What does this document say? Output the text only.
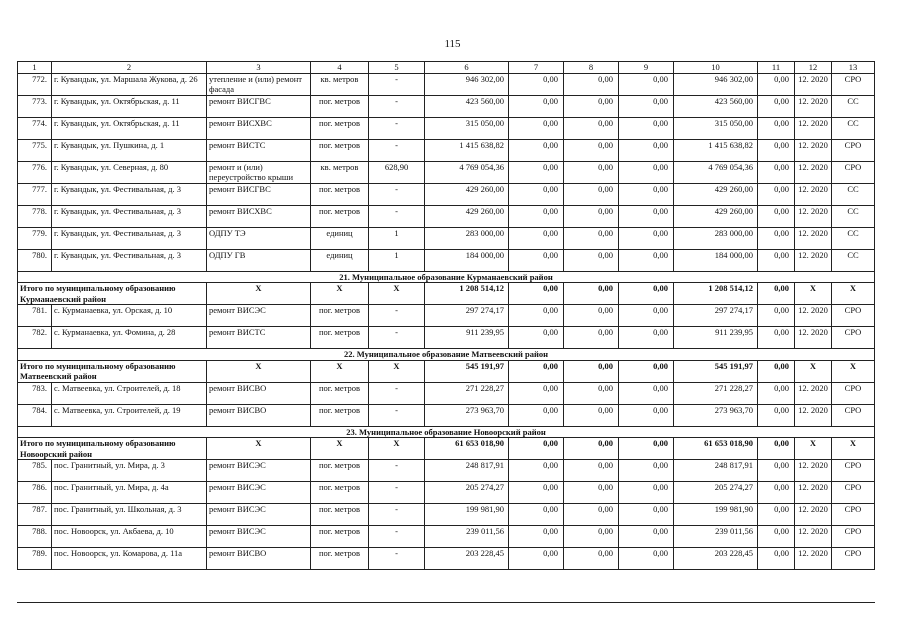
115
1	2	3	4	5	6	7	8	9	10	11	12	13
772.	г. Кувандык, ул. Маршала Жукова, д. 26	утепление и (или) ремонт фасада	кв. метров	-	946 302,00	0,00	0,00	0,00	946 302,00	0,00	12. 2020	СРО
773.	г. Кувандык, ул. Октябрьская, д. 11	ремонт ВИСГВС	пог. метров	-	423 560,00	0,00	0,00	0,00	423 560,00	0,00	12. 2020	СС
774.	г. Кувандык, ул. Октябрьская, д. 11	ремонт ВИСХВС	пог. метров	-	315 050,00	0,00	0,00	0,00	315 050,00	0,00	12. 2020	СС
775.	г. Кувандык, ул. Пушкина, д. 1	ремонт ВИСТС	пог. метров	-	1 415 638,82	0,00	0,00	0,00	1 415 638,82	0,00	12. 2020	СРО
776.	г. Кувандык, ул. Северная, д. 80	ремонт и (или) переустройство крыши	кв. метров	628,90	4 769 054,36	0,00	0,00	0,00	4 769 054,36	0,00	12. 2020	СРО
777.	г. Кувандык, ул. Фестивальная, д. 3	ремонт ВИСГВС	пог. метров	-	429 260,00	0,00	0,00	0,00	429 260,00	0,00	12. 2020	СС
778.	г. Кувандык, ул. Фестивальная, д. 3	ремонт ВИСХВС	пог. метров	-	429 260,00	0,00	0,00	0,00	429 260,00	0,00	12. 2020	СС
779.	г. Кувандык, ул. Фестивальная, д. 3	ОДПУ ТЭ	единиц	1	283 000,00	0,00	0,00	0,00	283 000,00	0,00	12. 2020	СС
780.	г. Кувандык, ул. Фестивальная, д. 3	ОДПУ ГВ	единиц	1	184 000,00	0,00	0,00	0,00	184 000,00	0,00	12. 2020	СС
21. Муниципальное образование Курманаевский район												
Итого по муниципальному образованию Курманаевский район		X	X	X	1 208 514,12	0,00	0,00	0,00	1 208 514,12	0,00	X	X
781.	с. Курманаевка, ул. Орская, д. 10	ремонт ВИСЭС	пог. метров	-	297 274,17	0,00	0,00	0,00	297 274,17	0,00	12. 2020	СРО
782.	с. Курманаевка, ул. Фомина, д. 28	ремонт ВИСТС	пог. метров	-	911 239,95	0,00	0,00	0,00	911 239,95	0,00	12. 2020	СРО
22. Муниципальное образование Матвеевский район												
Итого по муниципальному образованию Матвеевский район		X	X	X	545 191,97	0,00	0,00	0,00	545 191,97	0,00	X	X
783.	с. Матвеевка, ул. Строителей, д. 18	ремонт ВИСВО	пог. метров	-	271 228,27	0,00	0,00	0,00	271 228,27	0,00	12. 2020	СРО
784.	с. Матвеевка, ул. Строителей, д. 19	ремонт ВИСВО	пог. метров	-	273 963,70	0,00	0,00	0,00	273 963,70	0,00	12. 2020	СРО
23. Муниципальное образование Новоорский район												
Итого по муниципальному образованию Новоорский район		X	X	X	61 653 018,90	0,00	0,00	0,00	61 653 018,90	0,00	X	X
785.	пос. Гранитный, ул. Мира, д. 3	ремонт ВИСЭС	пог. метров	-	248 817,91	0,00	0,00	0,00	248 817,91	0,00	12. 2020	СРО
786.	пос. Гранитный, ул. Мира, д. 4а	ремонт ВИСЭС	пог. метров	-	205 274,27	0,00	0,00	0,00	205 274,27	0,00	12. 2020	СРО
787.	пос. Гранитный, ул. Школьная, д. 3	ремонт ВИСЭС	пог. метров	-	199 981,90	0,00	0,00	0,00	199 981,90	0,00	12. 2020	СРО
788.	пос. Новоорск, ул. Акбаева, д. 10	ремонт ВИСЭС	пог. метров	-	239 011,56	0,00	0,00	0,00	239 011,56	0,00	12. 2020	СРО
789.	пос. Новоорск, ул. Комарова, д. 11а	ремонт ВИСВО	пог. метров	-	203 228,45	0,00	0,00	0,00	203 228,45	0,00	12. 2020	СРО
